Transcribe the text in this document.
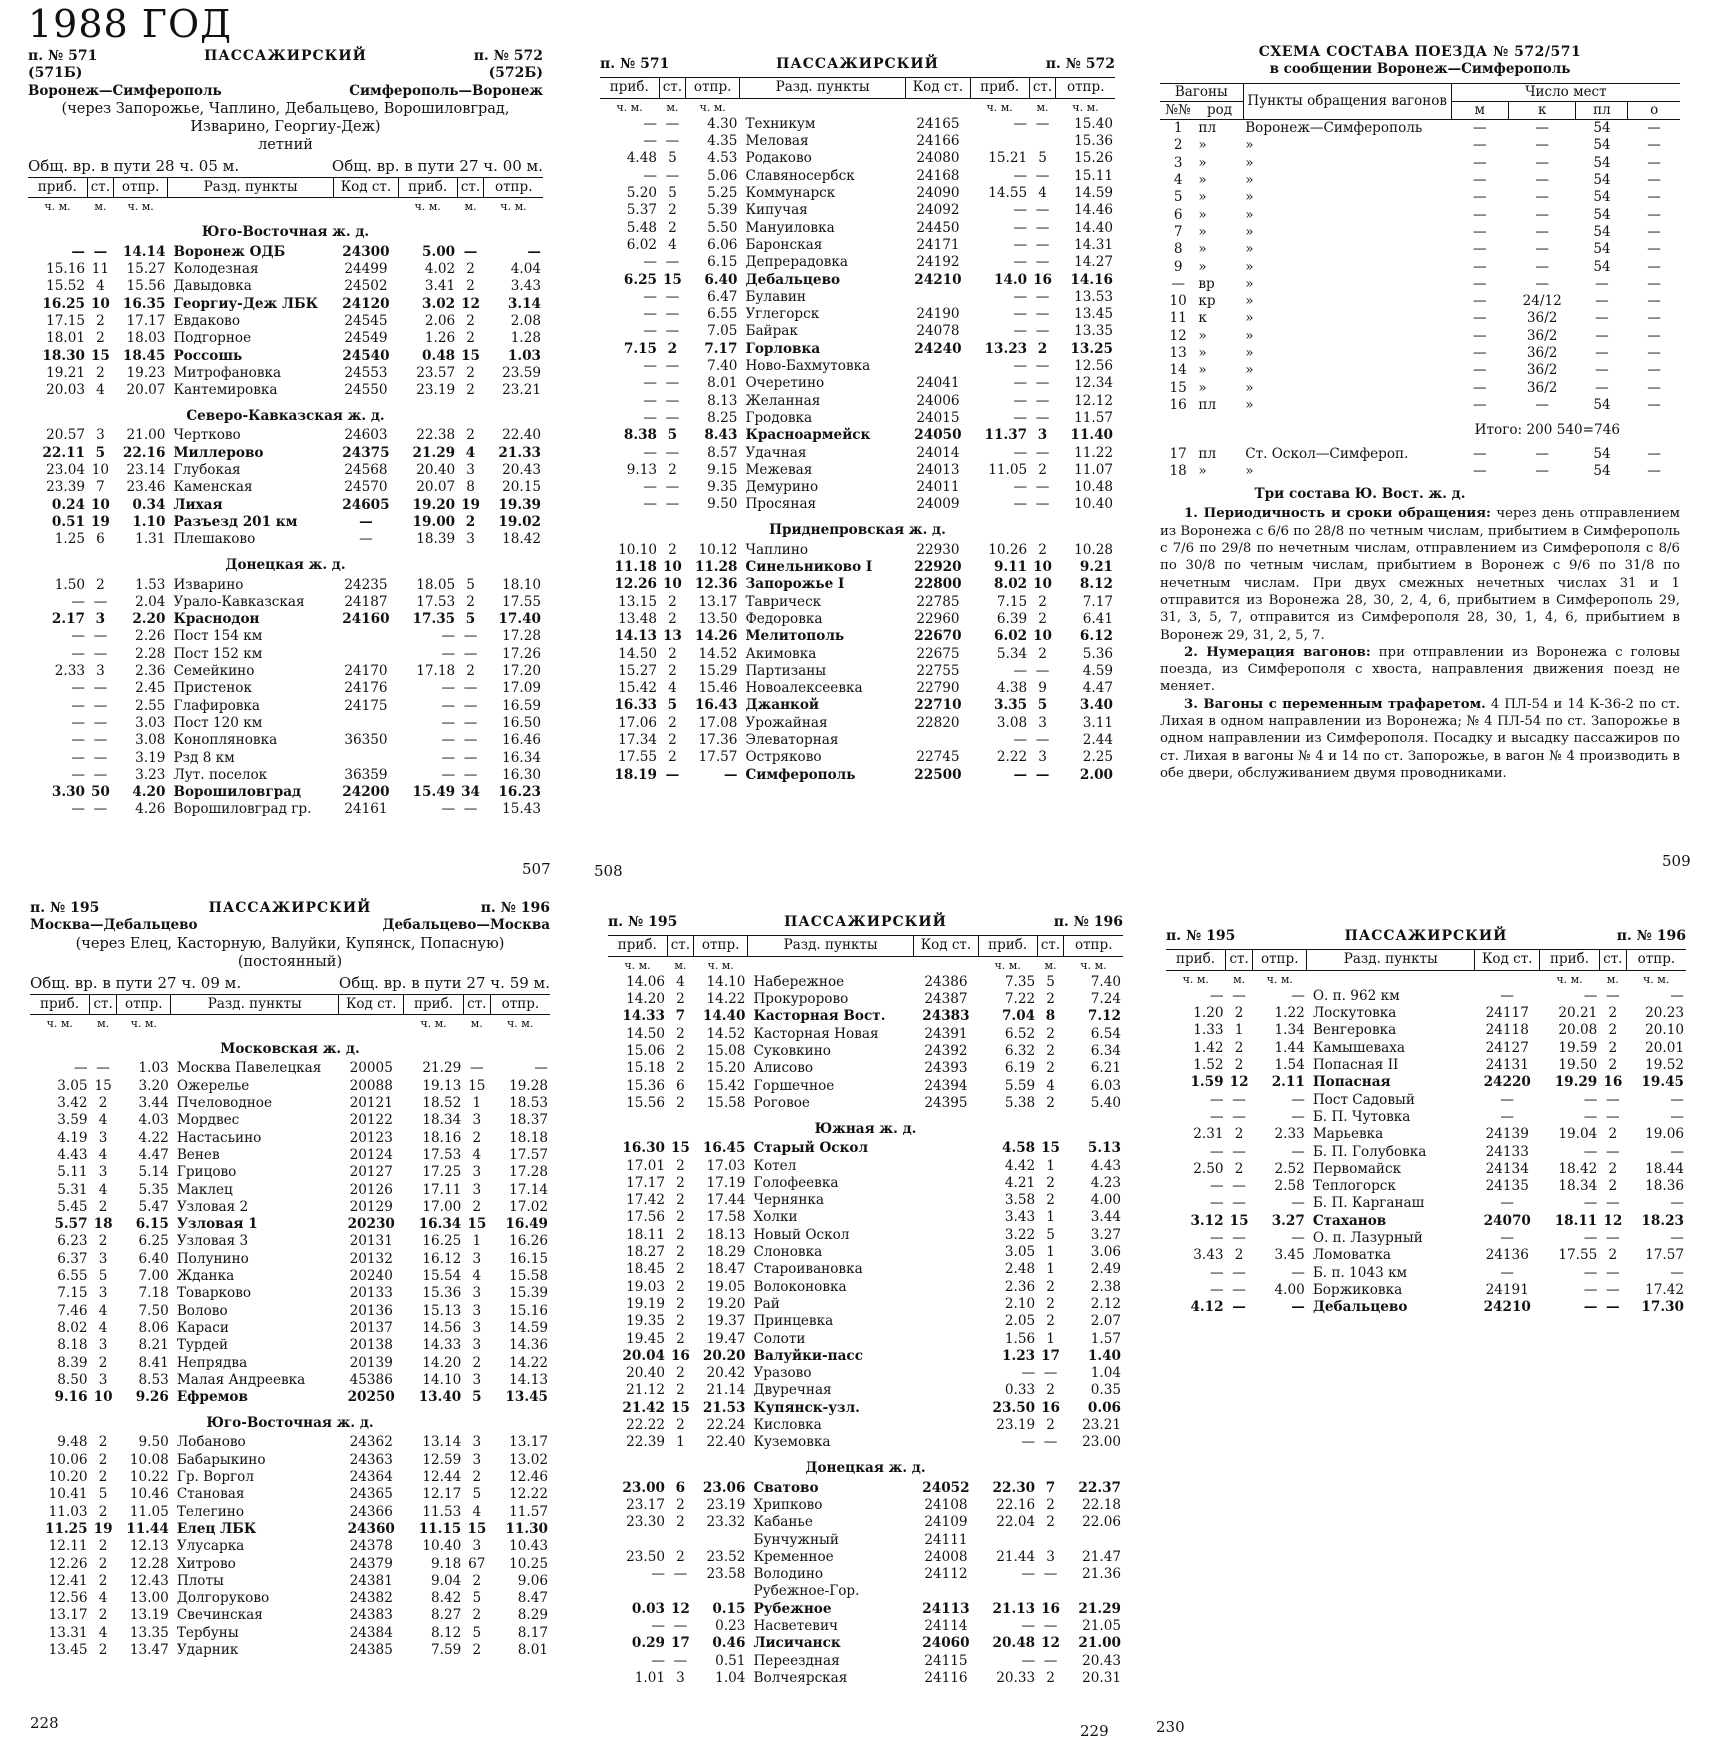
1988 ГОД
п. № 571
(571Б)
ПАССАЖИРСКИЙ	п. № 572
(572Б)
Воронеж—Симферополь	Симферополь—Воронеж
(через Запорожье, Чаплино, Дебальцево, Ворошиловград,
Изварино, Георгиу-Деж)
летний
Общ. вр. в пути 28 ч. 05 м.	Общ. вр. в пути 27 ч. 00 м.
приб.	ст.	отпр.	Разд. пункты	Код ст.	приб.	ст.	отпр.
ч. м.	м.	ч. м.			ч. м.	м.	ч. м.
Юго-Восточная ж. д.							
—	—	14.14	Воронеж ОДБ	24300	5.00	—	—
15.16	11	15.27	Колодезная	24499	4.02	2	4.04
15.52	4	15.56	Давыдовка	24502	3.41	2	3.43
16.25	10	16.35	Георгиу-Деж ЛБК	24120	3.02	12	3.14
17.15	2	17.17	Евдаково	24545	2.06	2	2.08
18.01	2	18.03	Подгорное	24549	1.26	2	1.28
18.30	15	18.45	Россошь	24540	0.48	15	1.03
19.21	2	19.23	Митрофановка	24553	23.57	2	23.59
20.03	4	20.07	Кантемировка	24550	23.19	2	23.21
Северо-Кавказская ж. д.							
20.57	3	21.00	Чертково	24603	22.38	2	22.40
22.11	5	22.16	Миллерово	24375	21.29	4	21.33
23.04	10	23.14	Глубокая	24568	20.40	3	20.43
23.39	7	23.46	Каменская	24570	20.07	8	20.15
0.24	10	0.34	Лихая	24605	19.20	19	19.39
0.51	19	1.10	Разъезд 201 км	—	19.00	2	19.02
1.25	6	1.31	Плешаково	—	18.39	3	18.42
Донецкая ж. д.							
1.50	2	1.53	Изварино	24235	18.05	5	18.10
—	—	2.04	Урало-Кавказская	24187	17.53	2	17.55
2.17	3	2.20	Краснодон	24160	17.35	5	17.40
—	—	2.26	Пост 154 км		—	—	17.28
—	—	2.28	Пост 152 км		—	—	17.26
2.33	3	2.36	Семейкино	24170	17.18	2	17.20
—	—	2.45	Пристенок	24176	—	—	17.09
—	—	2.55	Глафировка	24175	—	—	16.59
—	—	3.03	Пост 120 км		—	—	16.50
—	—	3.08	Конопляновка	36350	—	—	16.46
—	—	3.19	Рзд 8 км		—	—	16.34
—	—	3.23	Лут. поселок	36359	—	—	16.30
3.30	50	4.20	Ворошиловград	24200	15.49	34	16.23
—	—	4.26	Ворошиловград гр.	24161	—	—	15.43
507
п. № 571	ПАССАЖИРСКИЙ	п. № 572
приб.	ст.	отпр.	Разд. пункты	Код ст.	приб.	ст.	отпр.
ч. м.	м.	ч. м.			ч. м.	м.	ч. м.
—	—	4.30	Техникум	24165	—	—	15.40
—	—	4.35	Меловая	24166			15.36
4.48	5	4.53	Родаково	24080	15.21	5	15.26
—	—	5.06	Славяносербск	24168	—	—	15.11
5.20	5	5.25	Коммунарск	24090	14.55	4	14.59
5.37	2	5.39	Кипучая	24092	—	—	14.46
5.48	2	5.50	Мануиловка	24450	—	—	14.40
6.02	4	6.06	Баронская	24171	—	—	14.31
—	—	6.15	Депрерадовка	24192	—	—	14.27
6.25	15	6.40	Дебальцево	24210	14.0	16	14.16
—	—	6.47	Булавин		—	—	13.53
—	—	6.55	Углегорск	24190	—	—	13.45
—	—	7.05	Байрак	24078	—	—	13.35
7.15	2	7.17	Горловка	24240	13.23	2	13.25
—	—	7.40	Ново-Бахмутовка		—	—	12.56
—	—	8.01	Очеретино	24041	—	—	12.34
—	—	8.13	Желанная	24006	—	—	12.12
—	—	8.25	Гродовка	24015	—	—	11.57
8.38	5	8.43	Красноармейск	24050	11.37	3	11.40
—	—	8.57	Удачная	24014	—	—	11.22
9.13	2	9.15	Межевая	24013	11.05	2	11.07
—	—	9.35	Демурино	24011	—	—	10.48
—	—	9.50	Просяная	24009	—	—	10.40
Приднепровская ж. д.							
10.10	2	10.12	Чаплино	22930	10.26	2	10.28
11.18	10	11.28	Синельниково I	22920	9.11	10	9.21
12.26	10	12.36	Запорожье I	22800	8.02	10	8.12
13.15	2	13.17	Таврическ	22785	7.15	2	7.17
13.48	2	13.50	Федоровка	22960	6.39	2	6.41
14.13	13	14.26	Мелитополь	22670	6.02	10	6.12
14.50	2	14.52	Акимовка	22675	5.34	2	5.36
15.27	2	15.29	Партизаны	22755	—	—	4.59
15.42	4	15.46	Новоалексеевка	22790	4.38	9	4.47
16.33	5	16.43	Джанкой	22710	3.35	5	3.40
17.06	2	17.08	Урожайная	22820	3.08	3	3.11
17.34	2	17.36	Элеваторная		—	—	2.44
17.55	2	17.57	Остряково	22745	2.22	3	2.25
18.19	—	—	Симферополь	22500	—	—	2.00
508
СХЕМА СОСТАВА ПОЕЗДА № 572/571
в сообщении Воронеж—Симферополь
Вагоны		Пункты обращения вагонов	Число мест			
№№	род		м	к	пл	о
1	пл	Воронеж—Симферополь	—	—	54	—
2	»	»	—	—	54	—
3	»	»	—	—	54	—
4	»	»	—	—	54	—
5	»	»	—	—	54	—
6	»	»	—	—	54	—
7	»	»	—	—	54	—
8	»	»	—	—	54	—
9	»	»	—	—	54	—
—	вр	»	—	—	—	—
10	кр	»	—	24/12	—	—
11	к	»	—	36/2	—	—
12	»	»	—	36/2	—	—
13	»	»	—	36/2	—	—
14	»	»	—	36/2	—	—
15	»	»	—	36/2	—	—
16	пл	»	—	—	54	—
Итого: 200 540=746
17	пл	Ст. Оскол—Симфероп.	—	—	54	—
18	»	»	—	—	54	—
Три состава Ю. Вост. ж. д.

1. Периодичность и сроки обращения: через день отправлением из Воронежа с 6/6 по 28/8 по четным числам, прибытием в Симферополь с 7/6 по 29/8 по нечетным числам, отправлением из Симферополя с 8/6 по 30/8 по четным числам, прибытием в Воронеж с 9/6 по 31/8 по нечетным числам. При двух смежных нечетных числах 31 и 1 отправится из Воронежа 28, 30, 2, 4, 6, прибытием в Симферополь 29, 31, 3, 5, 7, отправится из Симферополя 28, 30, 1, 4, 6, прибытием в Воронеж 29, 31, 2, 5, 7.

2. Нумерация вагонов: при отправлении из Воронежа с головы поезда, из Симферополя с хвоста, направления движения поезд не меняет.

3. Вагоны с переменным трафаретом. 4 ПЛ-54 и 14 К-36-2 по ст. Лихая в одном направлении из Воронежа; № 4 ПЛ-54 по ст. Запорожье в одном направлении из Симферополя. Посадку и высадку пассажиров по ст. Лихая в вагоны № 4 и 14 по ст. Запорожье, в вагон № 4 производить в обе двери, обслуживанием двумя проводниками.

509
п. № 195	ПАССАЖИРСКИЙ	п. № 196
Москва—Дебальцево	Дебальцево—Москва
(через Елец, Касторную, Валуйки, Купянск, Попасную)
(постоянный)
Общ. вр. в пути 27 ч. 09 м.	Общ. вр. в пути 27 ч. 59 м.
приб.	ст.	отпр.	Разд. пункты	Код ст.	приб.	ст.	отпр.
ч. м.	м.	ч. м.			ч. м.	м.	ч. м.
Московская ж. д.							
—	—	1.03	Москва Павелецкая	20005	21.29	—	—
3.05	15	3.20	Ожерелье	20088	19.13	15	19.28
3.42	2	3.44	Пчеловодное	20121	18.52	1	18.53
3.59	4	4.03	Мордвес	20122	18.34	3	18.37
4.19	3	4.22	Настасьино	20123	18.16	2	18.18
4.43	4	4.47	Венев	20124	17.53	4	17.57
5.11	3	5.14	Грицово	20127	17.25	3	17.28
5.31	4	5.35	Маклец	20126	17.11	3	17.14
5.45	2	5.47	Узловая 2	20129	17.00	2	17.02
5.57	18	6.15	Узловая 1	20230	16.34	15	16.49
6.23	2	6.25	Узловая 3	20131	16.25	1	16.26
6.37	3	6.40	Полунино	20132	16.12	3	16.15
6.55	5	7.00	Жданка	20240	15.54	4	15.58
7.15	3	7.18	Товарково	20133	15.36	3	15.39
7.46	4	7.50	Волово	20136	15.13	3	15.16
8.02	4	8.06	Караси	20137	14.56	3	14.59
8.18	3	8.21	Турдей	20138	14.33	3	14.36
8.39	2	8.41	Непрядва	20139	14.20	2	14.22
8.50	3	8.53	Малая Андреевка	45386	14.10	3	14.13
9.16	10	9.26	Ефремов	20250	13.40	5	13.45
Юго-Восточная ж. д.							
9.48	2	9.50	Лобаново	24362	13.14	3	13.17
10.06	2	10.08	Бабарыкино	24363	12.59	3	13.02
10.20	2	10.22	Гр. Воргол	24364	12.44	2	12.46
10.41	5	10.46	Становая	24365	12.17	5	12.22
11.03	2	11.05	Телегино	24366	11.53	4	11.57
11.25	19	11.44	Елец ЛБК	24360	11.15	15	11.30
12.11	2	12.13	Улусарка	24378	10.40	3	10.43
12.26	2	12.28	Хитрово	24379	9.18	67	10.25
12.41	2	12.43	Плоты	24381	9.04	2	9.06
12.56	4	13.00	Долгоруково	24382	8.42	5	8.47
13.17	2	13.19	Свечинская	24383	8.27	2	8.29
13.31	4	13.35	Тербуны	24384	8.12	5	8.17
13.45	2	13.47	Ударник	24385	7.59	2	8.01
228
п. № 195	ПАССАЖИРСКИЙ	п. № 196
приб.	ст.	отпр.	Разд. пункты	Код ст.	приб.	ст.	отпр.
ч. м.	м.	ч. м.			ч. м.	м.	ч. м.
14.06	4	14.10	Набережное	24386	7.35	5	7.40
14.20	2	14.22	Прокуророво	24387	7.22	2	7.24
14.33	7	14.40	Касторная Вост.	24383	7.04	8	7.12
14.50	2	14.52	Касторная Новая	24391	6.52	2	6.54
15.06	2	15.08	Суковкино	24392	6.32	2	6.34
15.18	2	15.20	Алисово	24393	6.19	2	6.21
15.36	6	15.42	Горшечное	24394	5.59	4	6.03
15.56	2	15.58	Роговое	24395	5.38	2	5.40
Южная ж. д.							
16.30	15	16.45	Старый Оскол		4.58	15	5.13
17.01	2	17.03	Котел		4.42	1	4.43
17.17	2	17.19	Голофеевка		4.21	2	4.23
17.42	2	17.44	Чернянка		3.58	2	4.00
17.56	2	17.58	Холки		3.43	1	3.44
18.11	2	18.13	Новый Оскол		3.22	5	3.27
18.27	2	18.29	Слоновка		3.05	1	3.06
18.45	2	18.47	Староивановка		2.48	1	2.49
19.03	2	19.05	Волоконовка		2.36	2	2.38
19.19	2	19.20	Рай		2.10	2	2.12
19.35	2	19.37	Принцевка		2.05	2	2.07
19.45	2	19.47	Солоти		1.56	1	1.57
20.04	16	20.20	Валуйки-пасс		1.23	17	1.40
20.40	2	20.42	Уразово		—	—	1.04
21.12	2	21.14	Двуречная		0.33	2	0.35
21.42	15	21.53	Купянск-узл.		23.50	16	0.06
22.22	2	22.24	Кисловка		23.19	2	23.21
22.39	1	22.40	Куземовка		—	—	23.00
Донецкая ж. д.							
23.00	6	23.06	Сватово	24052	22.30	7	22.37
23.17	2	23.19	Хрипково	24108	22.16	2	22.18
23.30	2	23.32	Кабанье	24109	22.04	2	22.06
			Бунчужный	24111			
23.50	2	23.52	Кременное	24008	21.44	3	21.47
—	—	23.58	Володино	24112	—	—	21.36
			Рубежное-Гор.				
0.03	12	0.15	Рубежное	24113	21.13	16	21.29
—	—	0.23	Насветевич	24114	—	—	21.05
0.29	17	0.46	Лисичанск	24060	20.48	12	21.00
—	—	0.51	Переездная	24115	—	—	20.43
1.01	3	1.04	Волчеярская	24116	20.33	2	20.31
229
п. № 195	ПАССАЖИРСКИЙ	п. № 196
приб.	ст.	отпр.	Разд. пункты	Код ст.	приб.	ст.	отпр.
ч. м.	м.	ч. м.			ч. м.	м.	ч. м.
—	—	—	О. п. 962 км	—	—	—	—
1.20	2	1.22	Лоскутовка	24117	20.21	2	20.23
1.33	1	1.34	Венгеровка	24118	20.08	2	20.10
1.42	2	1.44	Камышеваха	24127	19.59	2	20.01
1.52	2	1.54	Попасная II	24131	19.50	2	19.52
1.59	12	2.11	Попасная	24220	19.29	16	19.45
—	—	—	Пост Садовый	—	—	—	—
—	—	—	Б. П. Чутовка	—	—	—	—
2.31	2	2.33	Марьевка	24139	19.04	2	19.06
—	—	—	Б. П. Голубовка	24133	—	—	—
2.50	2	2.52	Первомайск	24134	18.42	2	18.44
—	—	2.58	Теплогорск	24135	18.34	2	18.36
—	—	—	Б. П. Карганаш	—	—	—	—
3.12	15	3.27	Стаханов	24070	18.11	12	18.23
—	—	—	О. п. Лазурный	—	—	—	—
3.43	2	3.45	Ломоватка	24136	17.55	2	17.57
—	—	—	Б. п. 1043 км	—	—	—	—
—	—	4.00	Боржиковка	24191	—	—	17.42
4.12	—	—	Дебальцево	24210	—	—	17.30
230
